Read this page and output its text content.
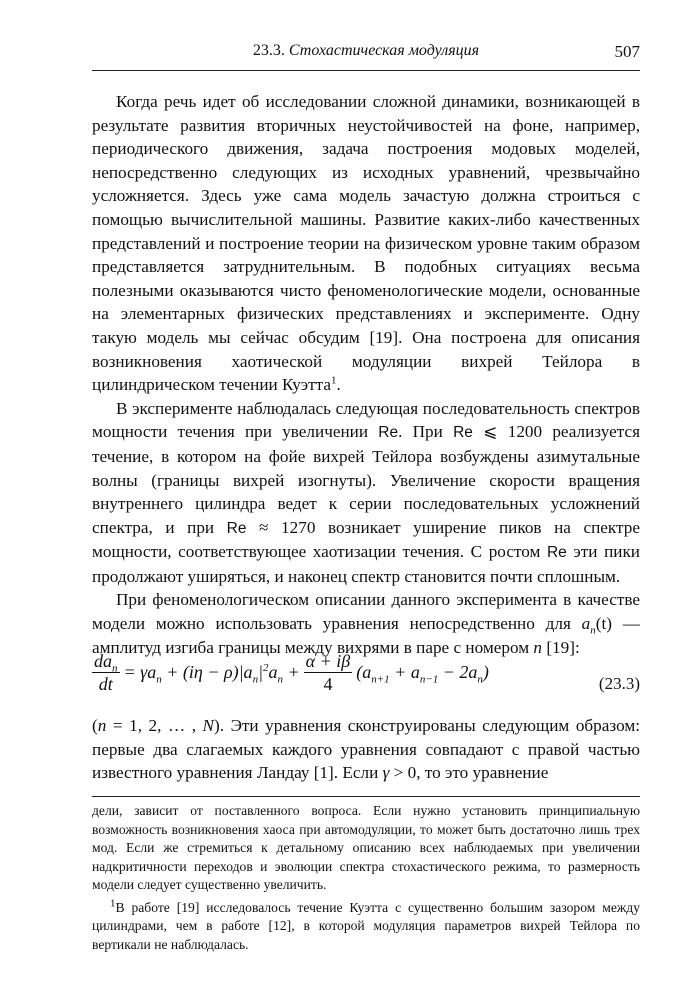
23.3. Стохастическая модуляция	507

Когда речь идет об исследовании сложной динамики, возникающей в результате развития вторичных неустойчивостей на фоне, например, периодического движения, задача построения модовых моделей, непосредственно следующих из исходных уравнений, чрезвычайно усложняется. Здесь уже сама модель зачастую должна строиться с помощью вычислительной машины. Развитие каких-либо качественных представлений и построение теории на физическом уровне таким образом представляется затруднительным. В подобных ситуациях весьма полезными оказываются чисто феноменологические модели, основанные на элементарных физических представлениях и эксперименте. Одну такую модель мы сейчас обсудим [19]. Она построена для описания возникновения хаотической модуляции вихрей Тейлора в цилиндрическом течении Куэтта$^1$.

В эксперименте наблюдалась следующая последовательность спектров мощности течения при увеличении Re. При Re ⩽ 1200 реализуется течение, в котором на фойе вихрей Тейлора возбуждены азимутальные волны (границы вихрей изогнуты). Увеличение скорости вращения внутреннего цилиндра ведет к серии последовательных усложнений спектра, и при Re ≈ 1270 возникает уширение пиков на спектре мощности, соответствующее хаотизации течения. С ростом Re эти пики продолжают уширяться, и наконец спектр становится почти сплошным.

При феноменологическом описании данного эксперимента в качестве модели можно использовать уравнения непосредственно для $a_n(t)$ — амплитуд изгиба границы между вихрями в паре с номером n [19]:

$\frac{da_n}{dt} = \gamma a_n + (i\eta - \rho)|a_n|^2a_n + \frac{\alpha + i\beta}{4} (a_{n+1} + a_{n-1} - 2a_n)$
(23.3)

(n = 1, 2, … , N). Эти уравнения сконструированы следующим образом: первые два слагаемых каждого уравнения совпадают с правой частью известного уравнения Ландау [1]. Если γ > 0, то это уравнение

дели, зависит от поставленного вопроса. Если нужно установить принципиальную возможность возникновения хаоса при автомодуляции, то может быть достаточно лишь трех мод. Если же стремиться к детальному описанию всех наблюдаемых при увеличении надкритичности переходов и эволюции спектра стохастического режима, то размерность модели следует существенно увеличить.

$^1$В работе [19] исследовалось течение Куэтта с существенно большим зазором между цилиндрами, чем в работе [12], в которой модуляция параметров вихрей Тейлора по вертикали не наблюдалась.
